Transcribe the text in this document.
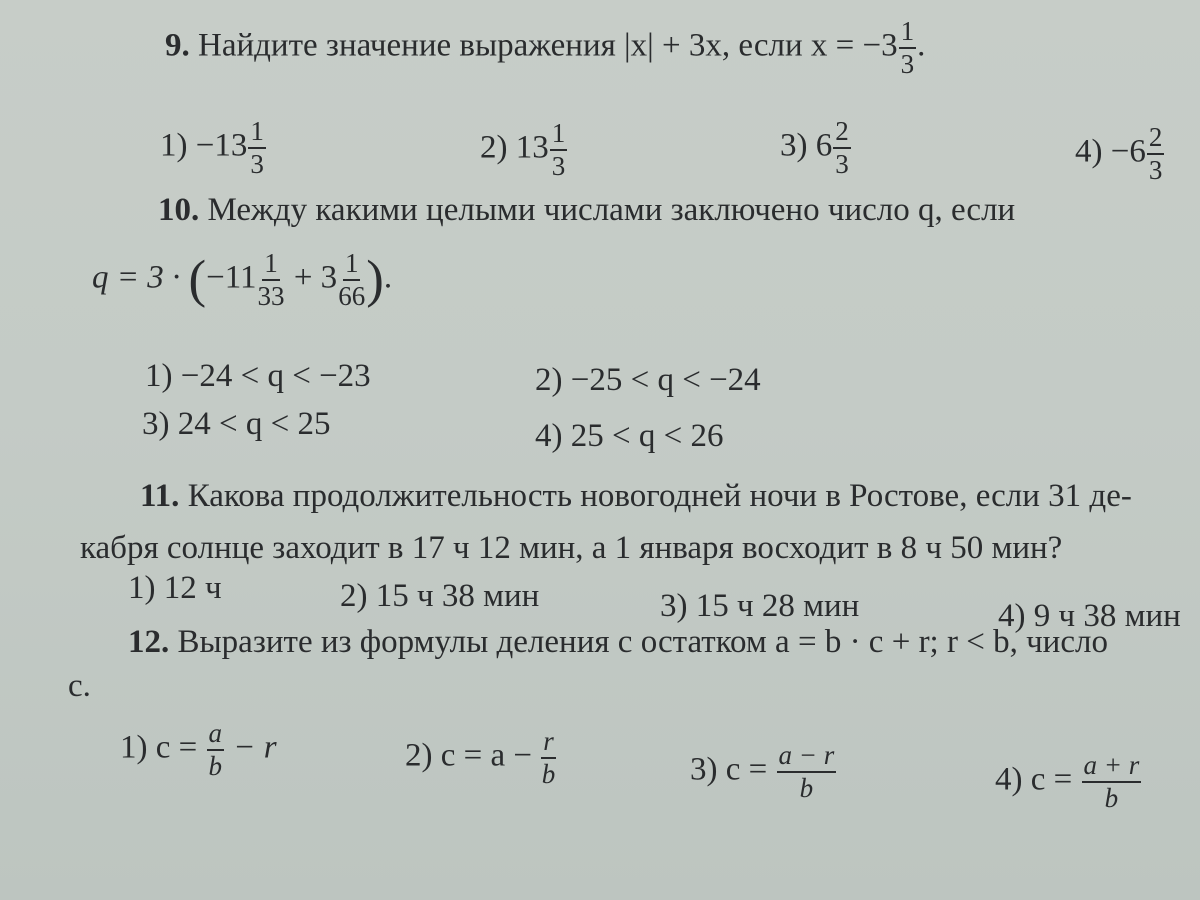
9. Найдите значение выражения |x| + 3x, если $x = -3 \frac{1}{3}$ .
$1) -13 \frac{1}{3}$	2) $13 \frac{1}{3}$	3) $6 \frac{2}{3}$	$4) -6 \frac{2}{3}$
10. Между какими целыми числами заключено число q, если
$q = 3 \cdot (-11 \frac{1}{33} + 3 \frac{1}{66}$ ).
1) −24 < q < −23	2) −25 < q < −24
3) 24 < q < 25	4) 25 < q < 26
11. Какова продолжительность новогодней ночи в Ростове, если 31 де-
кабря солнце заходит в 17 ч 12 мин, а 1 января восходит в 8 ч 50 мин?
1) 12 ч	2) 15 ч 38 мин	3) 15 ч 28 мин	4) 9 ч 38 мин
12. Выразите из формулы деления с остатком a = b · c + r; r < b, число
c.
1) $c = \frac{a}{b} - r$	2) $c = a - \frac{r}{b}$	3) $c = \frac{a - r}{b}$	4) $c = \frac{a + r}{b}$
